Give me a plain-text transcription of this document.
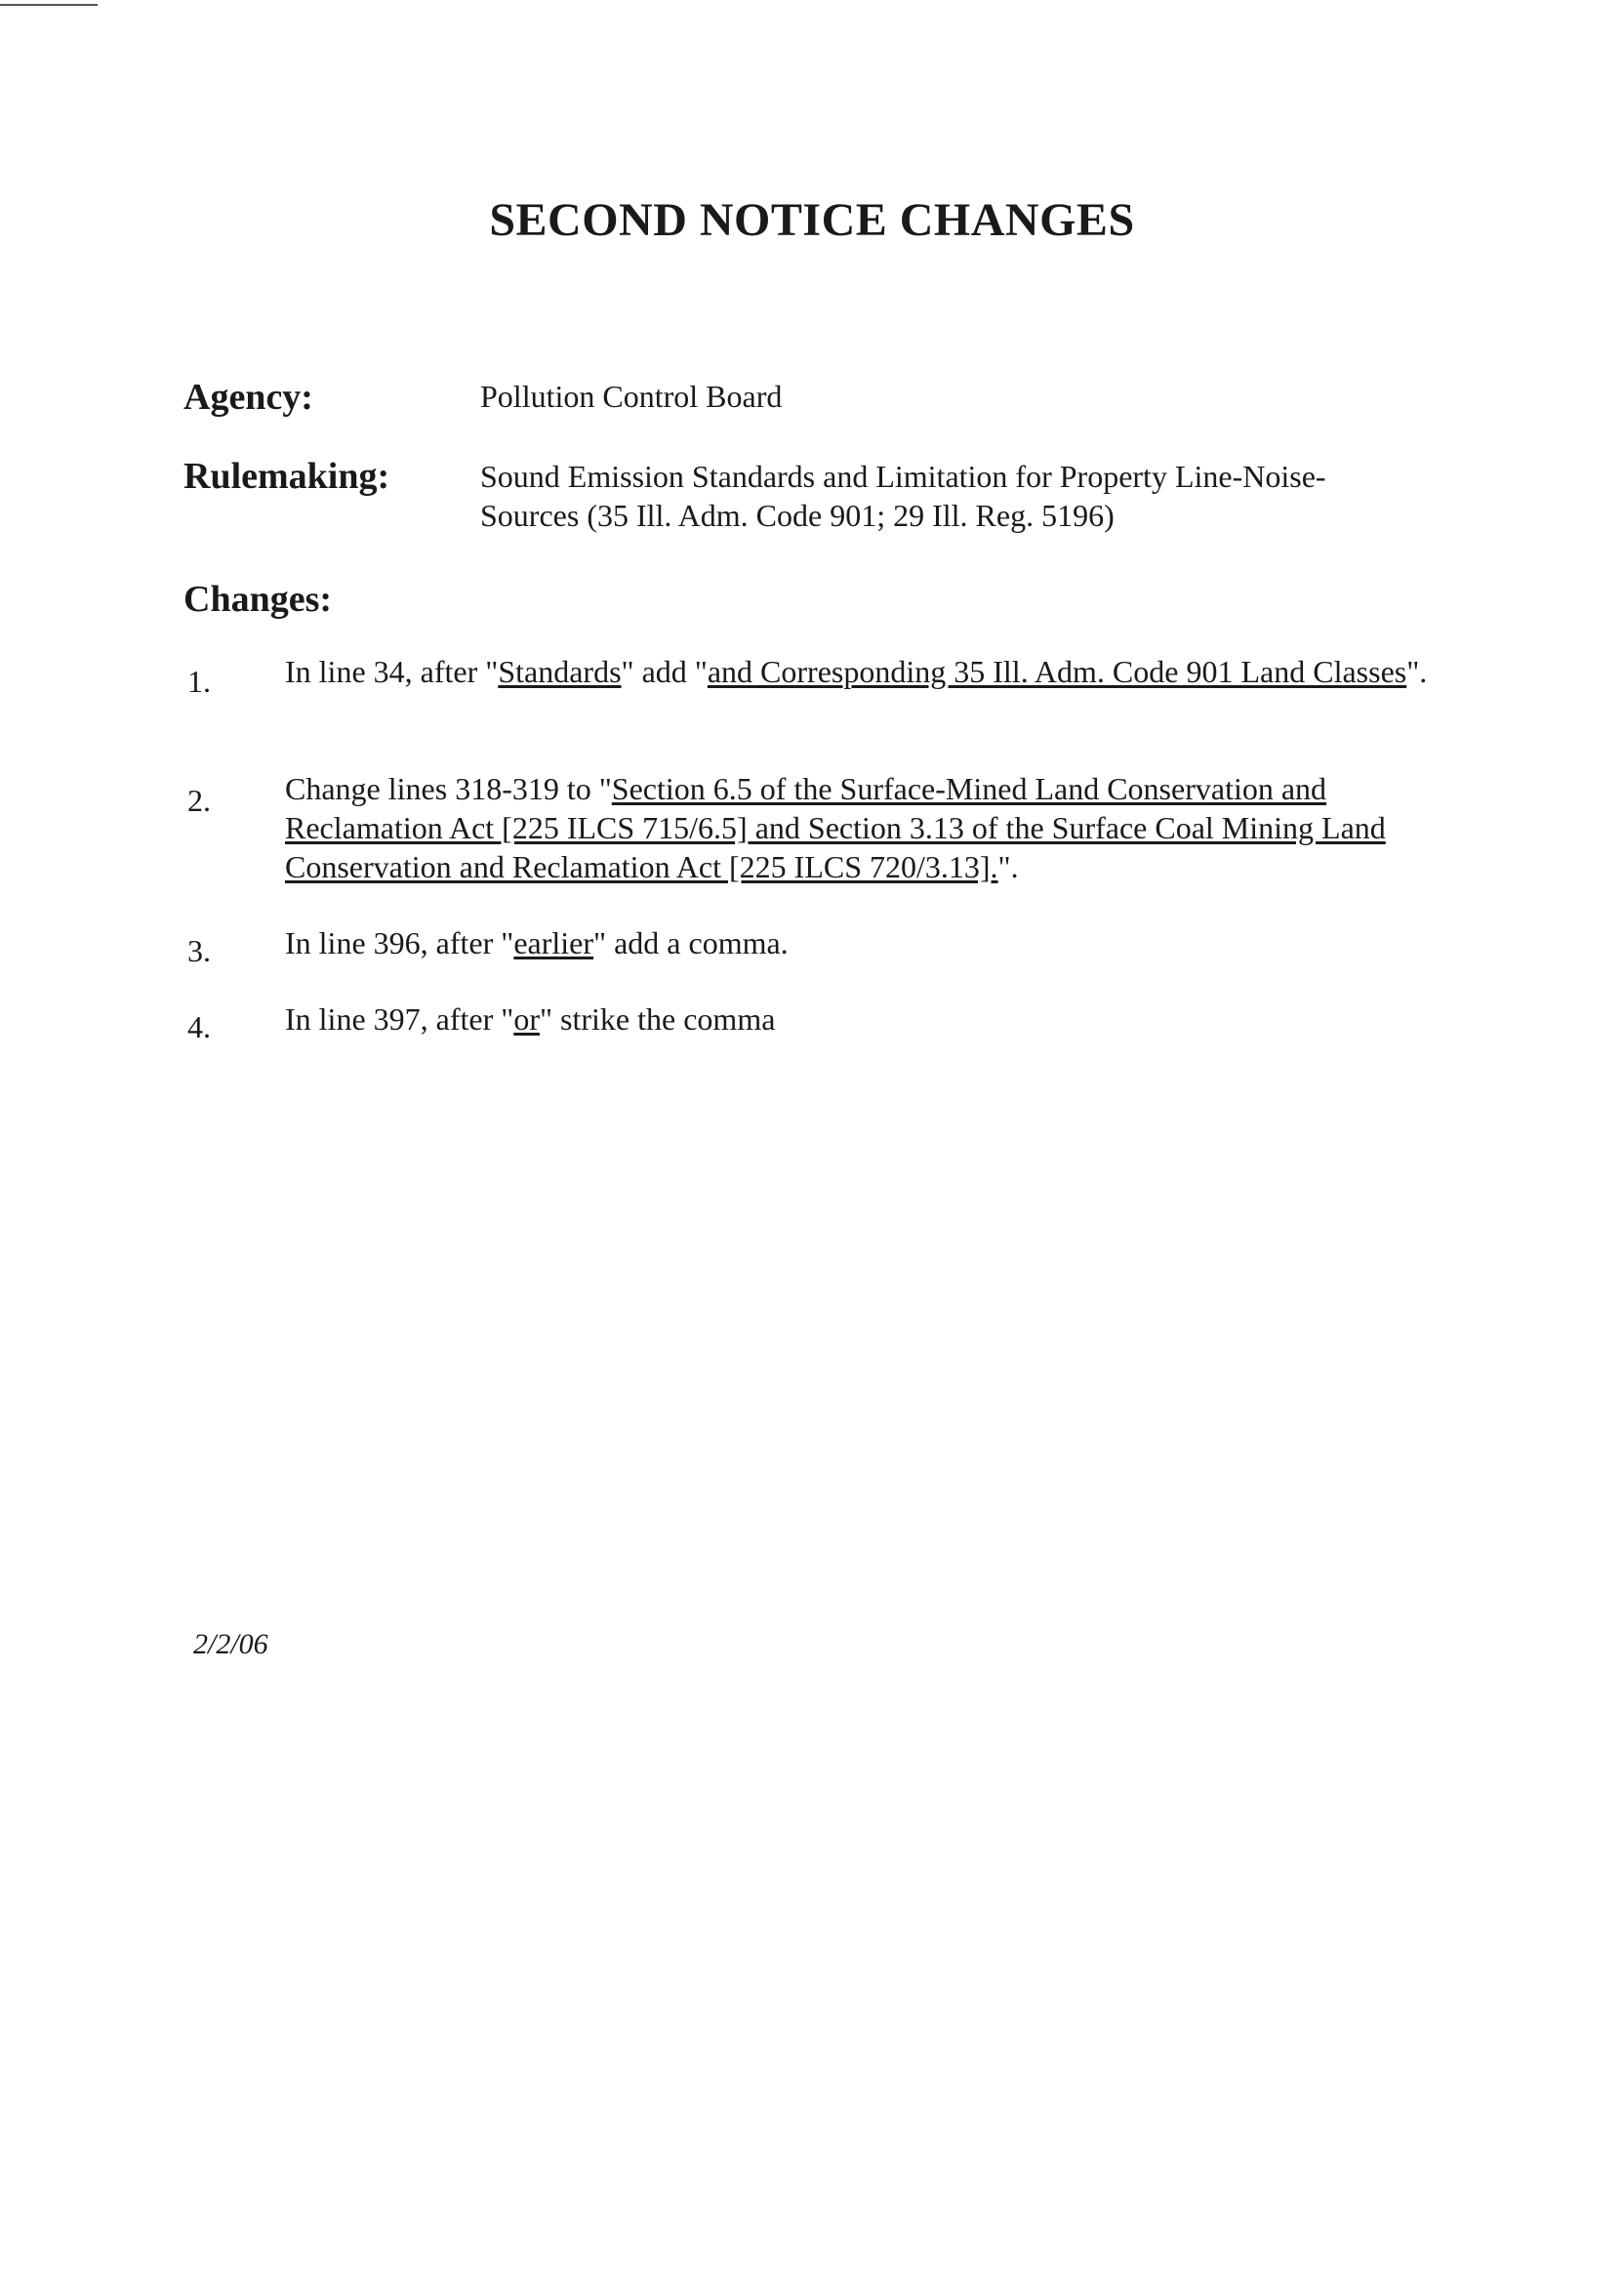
SECOND NOTICE CHANGES
Agency:	Pollution Control Board
Rulemaking:	Sound Emission Standards and Limitation for Property Line-Noise-
Sources (35 Ill. Adm. Code 901; 29 Ill. Reg. 5196)
Changes:
1. In line 34, after "Standards" add "and Corresponding 35 Ill. Adm. Code 901 Land Classes".
2. Change lines 318-319 to "Section 6.5 of the Surface-Mined Land Conservation and Reclamation Act [225 ILCS 715/6.5] and Section 3.13 of the Surface Coal Mining Land Conservation and Reclamation Act [225 ILCS 720/3.13].".
3. In line 396, after "earlier" add a comma.
4. In line 397, after "or" strike the comma
2/2/06
